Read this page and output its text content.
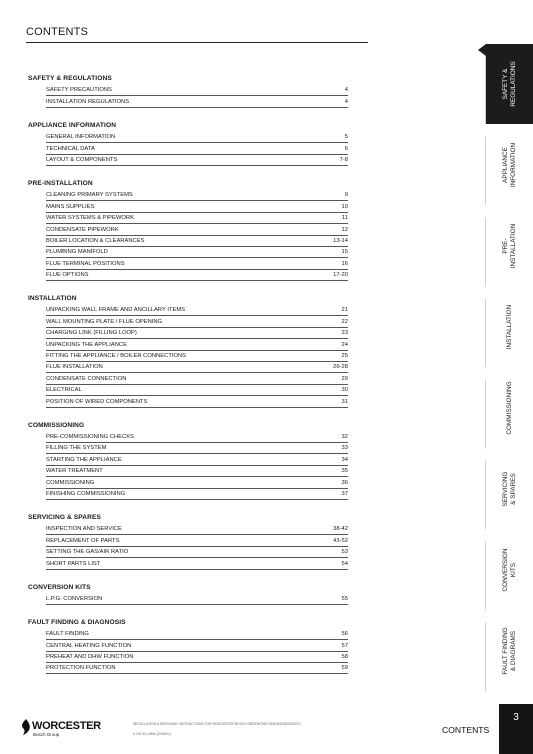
CONTENTS
SAFETY & REGULATIONS
SAFETY PRECAUTIONS	4
INSTALLATION REGULATIONS	4
APPLIANCE INFORMATION
GENERAL INFORMATION	5
TECHNICAL DATA	6
LAYOUT & COMPONENTS	7-8
PRE-INSTALLATION
CLEANING PRIMARY SYSTEMS	9
MAINS SUPPLIES	10
WATER SYSTEMS & PIPEWORK	11
CONDENSATE PIPEWORK	12
BOILER LOCATION & CLEARANCES	13-14
PLUMBING MANIFOLD	15
FLUE TERMINAL POSITIONS	16
FLUE OPTIONS	17-20
INSTALLATION
UNPACKING WALL FRAME AND ANCILLARY ITEMS	21
WALL MOUNTING PLATE / FLUE OPENING	22
CHARGING LINK (FILLING LOOP)	23
UNPACKING THE APPLIANCE	24
FITTING THE APPLIANCE / BOILER CONNECTIONS	25
FLUE INSTALLATION	26-28
CONDENSATE CONNECTION	29
ELECTRICAL	30
POSITION OF WIRED COMPONENTS	31
COMMISSIONING
PRE-COMMISSIONING CHECKS	32
FILLING THE SYSTEM	33
STARTING THE APPLIANCE	34
WATER TREATMENT	35
COMMISSIONING	36
FINISHING COMMISSIONING	37
SERVICING & SPARES
INSPECTION AND SERVICE	38-42
REPLACEMENT OF PARTS	43-52
SETTING THE GAS/AIR RATIO	53
SHORT PARTS LIST	54
CONVERSION KITS
L.P.G. CONVERSION	55
FAULT FINDING & DIAGNOSIS
FAULT FINDING	56
CENTRAL HEATING FUNCTION	57
PREHEAT AND DHW FUNCTION	58
PROTECTION FUNCTION	59
SAFETY & REGULATIONS
APPLIANCE INFORMATION
PRE- INSTALLATION
INSTALLATION
COMMISSIONING
SERVICING & SPARES
CONVERSION KITS
FAULT FINDING & DIAGRAMS
WORCESTER
Bosch Group
INSTALLATION & SERVICING INSTRUCTIONS FOR WORCESTER BOSCH GREENSTAR 25Si/30Si/25Si/28CDi
6 720 612 485d (2006/01)	CONTENTS
3
